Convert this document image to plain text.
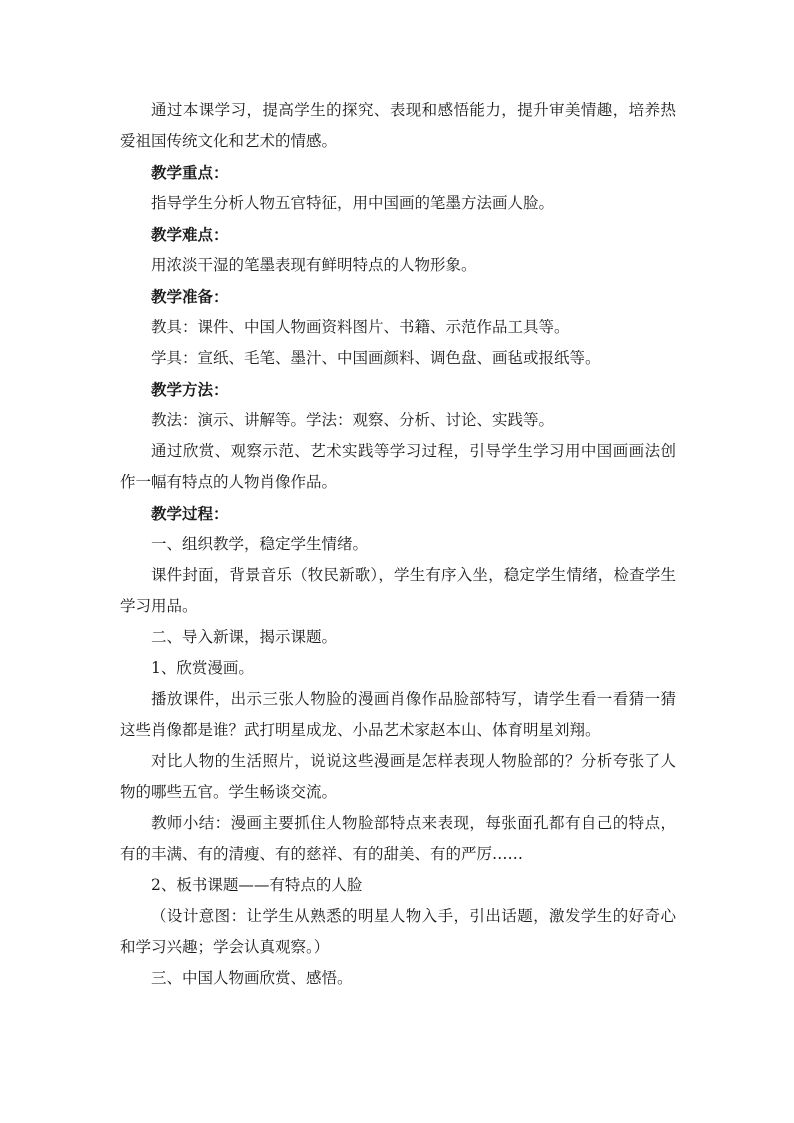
通过本课学习，提高学生的探究、表现和感悟能力，提升审美情趣，培养热爱祖国传统文化和艺术的情感。

教学重点：

指导学生分析人物五官特征，用中国画的笔墨方法画人脸。

教学难点：

用浓淡干湿的笔墨表现有鲜明特点的人物形象。

教学准备：

教具：课件、中国人物画资料图片、书籍、示范作品工具等。

学具：宣纸、毛笔、墨汁、中国画颜料、调色盘、画毡或报纸等。

教学方法：

教法：演示、讲解等。学法：观察、分析、讨论、实践等。

通过欣赏、观察示范、艺术实践等学习过程，引导学生学习用中国画画法创作一幅有特点的人物肖像作品。

教学过程：

一、组织教学，稳定学生情绪。

课件封面，背景音乐（牧民新歌），学生有序入坐，稳定学生情绪，检查学生学习用品。

二、导入新课，揭示课题。

1、欣赏漫画。

播放课件，出示三张人物脸的漫画肖像作品脸部特写，请学生看一看猜一猜这些肖像都是谁？武打明星成龙、小品艺术家赵本山、体育明星刘翔。

对比人物的生活照片，说说这些漫画是怎样表现人物脸部的？分析夸张了人物的哪些五官。学生畅谈交流。

教师小结：漫画主要抓住人物脸部特点来表现，每张面孔都有自己的特点，有的丰满、有的清瘦、有的慈祥、有的甜美、有的严厉……

2、板书课题——有特点的人脸

（设计意图：让学生从熟悉的明星人物入手，引出话题，激发学生的好奇心和学习兴趣；学会认真观察。）

三、中国人物画欣赏、感悟。
